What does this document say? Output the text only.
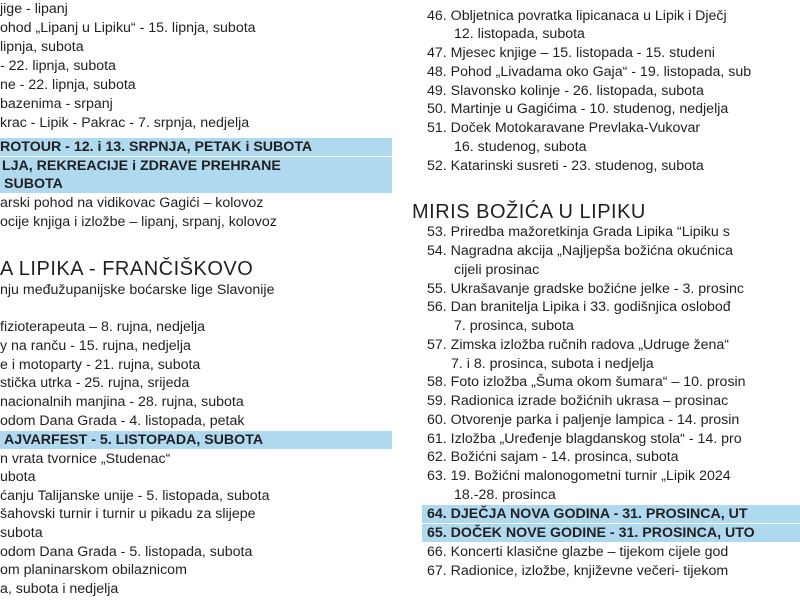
jige - lipanj
ohod „Lipanj u Lipiku“ - 15. lipnja, subota
lipnja, subota
- 22. lipnja, subota
ne - 22. lipnja, subota
bazenima - srpanj
krac - Lipik - Pakrac - 7. srpnja, nedjelja
ROTOUR - 12. i 13. SRPNJA, PETAK i SUBOTA
LJA, REKREACIJE i ZDRAVE PREHRANE
SUBOTA
arski pohod na vidikovac Gagići – kolovoz
ocije knjiga i izložbe – lipanj, srpanj, kolovoz
A LIPIKA - FRANČIŠKOVO
nju međužupanijske boćarske lige Slavonije
fizioterapeuta – 8. rujna, nedjelja
y na ranču - 15. rujna, nedjelja
e i motoparty - 21. rujna, subota
stička utrka - 25. rujna, srijeda
nacionalnih manjina - 28. rujna, subota
odom Dana Grada - 4. listopada, petak
AJVARFEST - 5. LISTOPADA, SUBOTA
n vrata tvornice „Studenac“
ubota
ćanju Talijanske unije - 5. listopada, subota
šahovski turnir i turnir u pikadu za slijepe
subota
odom Dana Grada - 5. listopada, subota
om planinarskom obilaznicom
a, subota i nedjelja
46. Obljetnica povratka lipicanaca u Lipik i Dječj
12. listopada, subota
47. Mjesec knjige – 15. listopada - 15. studeni
48. Pohod „Livadama oko Gaja“ - 19. listopada, sub
49. Slavonsko kolinje - 26. listopada, subota
50. Martinje u Gagićima - 10. studenog, nedjelja
51. Doček Motokaravane Prevlaka-Vukovar
16. studenog, subota
52. Katarinski susreti - 23. studenog, subota
MIRIS BOŽIĆA U LIPIKU
53. Priredba mažoretkinja Grada Lipika “Lipiku s
54. Nagradna akcija „Najljepša božićna okućnica
cijeli prosinac
55. Ukrašavanje gradske božićne jelke - 3. prosinc
56. Dan branitelja Lipika i 33. godišnjica oslobođ
7. prosinca, subota
57. Zimska izložba ručnih radova „Udruge žena“
7. i 8. prosinca, subota i nedjelja
58. Foto izložba „Šuma okom šumara“ – 10. prosin
59. Radionica izrade božićnih ukrasa – prosinac
60. Otvorenje parka i paljenje lampica - 14. prosin
61. Izložba „Uređenje blagdanskog stola“ - 14. pro
62. Božićni sajam - 14. prosinca, subota
63. 19. Božićni malonogometni turnir „Lipik 2024
18.-28. prosinca
64. DJEČJA NOVA GODINA - 31. PROSINCA, UT
65. DOČEK NOVE GODINE - 31. PROSINCA, UTO
66. Koncerti klasične glazbe – tijekom cijele god
67. Radionice, izložbe, književne večeri- tijekom
